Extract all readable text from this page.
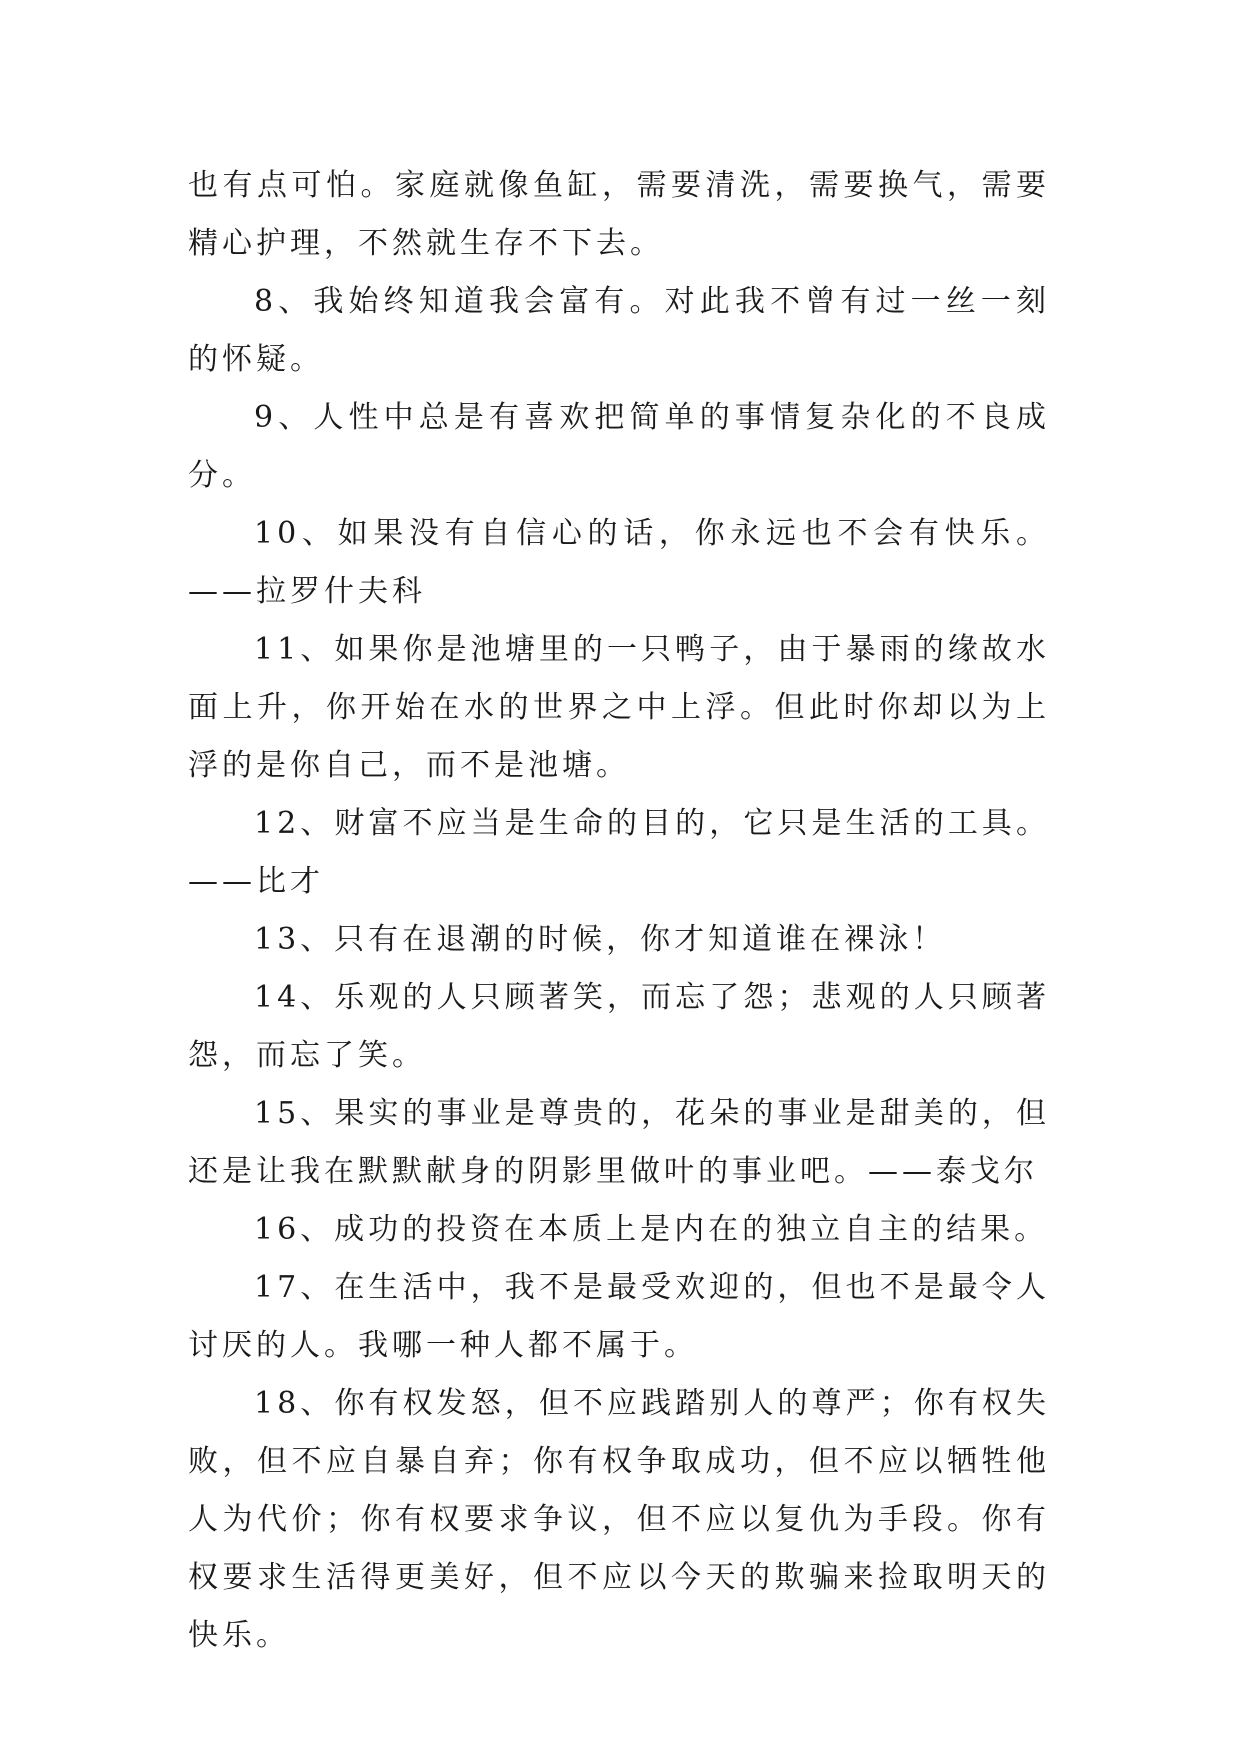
也有点可怕。家庭就像鱼缸，需要清洗，需要换气，需要精心护理，不然就生存不下去。

8、我始终知道我会富有。对此我不曾有过一丝一刻的怀疑。

9、人性中总是有喜欢把简单的事情复杂化的不良成分。

10、如果没有自信心的话，你永远也不会有快乐。——拉罗什夫科

11、如果你是池塘里的一只鸭子，由于暴雨的缘故水面上升，你开始在水的世界之中上浮。但此时你却以为上浮的是你自己，而不是池塘。

12、财富不应当是生命的目的，它只是生活的工具。——比才

13、只有在退潮的时候，你才知道谁在裸泳！

14、乐观的人只顾著笑，而忘了怨；悲观的人只顾著怨，而忘了笑。

15、果实的事业是尊贵的，花朵的事业是甜美的，但还是让我在默默献身的阴影里做叶的事业吧。——泰戈尔

16、成功的投资在本质上是内在的独立自主的结果。

17、在生活中，我不是最受欢迎的，但也不是最令人讨厌的人。我哪一种人都不属于。

18、你有权发怒，但不应践踏别人的尊严；你有权失败，但不应自暴自弃；你有权争取成功，但不应以牺牲他人为代价；你有权要求争议，但不应以复仇为手段。你有权要求生活得更美好，但不应以今天的欺骗来捡取明天的快乐。
